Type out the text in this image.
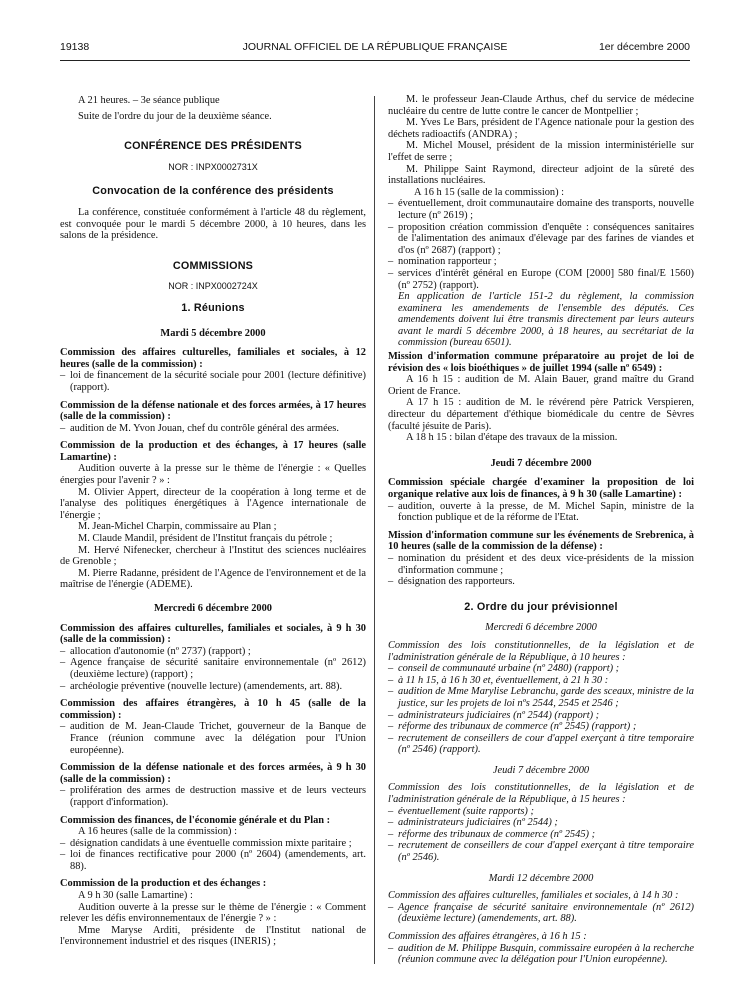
19138	JOURNAL OFFICIEL DE LA RÉPUBLIQUE FRANÇAISE	1er décembre 2000

A 21 heures. – 3e séance publique

Suite de l'ordre du jour de la deuxième séance.

CONFÉRENCE DES PRÉSIDENTS

NOR : INPX0002731X

Convocation de la conférence des présidents

La conférence, constituée conformément à l'article 48 du règlement, est convoquée pour le mardi 5 décembre 2000, à 10 heures, dans les salons de la présidence.

COMMISSIONS

NOR : INPX0002724X

1. Réunions

Mardi 5 décembre 2000

Commission des affaires culturelles, familiales et sociales, à 12 heures (salle de la commission) :

– loi de financement de la sécurité sociale pour 2001 (lecture définitive) (rapport).

Commission de la défense nationale et des forces armées, à 17 heures (salle de la commission) :

– audition de M. Yvon Jouan, chef du contrôle général des armées.

Commission de la production et des échanges, à 17 heures (salle Lamartine) :

Audition ouverte à la presse sur le thème de l'énergie : « Quelles énergies pour l'avenir ? » :

M. Olivier Appert, directeur de la coopération à long terme et de l'analyse des politiques énergétiques à l'Agence internationale de l'énergie ;

M. Jean-Michel Charpin, commissaire au Plan ;

M. Claude Mandil, président de l'Institut français du pétrole ;

M. Hervé Nifenecker, chercheur à l'Institut des sciences nucléaires de Grenoble ;

M. Pierre Radanne, président de l'Agence de l'environnement et de la maîtrise de l'énergie (ADEME).

Mercredi 6 décembre 2000

Commission des affaires culturelles, familiales et sociales, à 9 h 30 (salle de la commission) :

– allocation d'autonomie (nº 2737) (rapport) ;

– Agence française de sécurité sanitaire environnementale (nº 2612) (deuxième lecture) (rapport) ;

– archéologie préventive (nouvelle lecture) (amendements, art. 88).

Commission des affaires étrangères, à 10 h 45 (salle de la commission) :

– audition de M. Jean-Claude Trichet, gouverneur de la Banque de France (réunion commune avec la délégation pour l'Union européenne).

Commission de la défense nationale et des forces armées, à 9 h 30 (salle de la commission) :

– prolifération des armes de destruction massive et de leurs vecteurs (rapport d'information).

Commission des finances, de l'économie générale et du Plan :

A 16 heures (salle de la commission) :

– désignation candidats à une éventuelle commission mixte paritaire ;

– loi de finances rectificative pour 2000 (nº 2604) (amendements, art. 88).

Commission de la production et des échanges :

A 9 h 30 (salle Lamartine) :

Audition ouverte à la presse sur le thème de l'énergie : « Comment relever les défis environnementaux de l'énergie ? » :

Mme Maryse Arditi, présidente de l'Institut national de l'environnement industriel et des risques (INERIS) ;

M. le professeur Jean-Claude Arthus, chef du service de médecine nucléaire du centre de lutte contre le cancer de Montpellier ;

M. Yves Le Bars, président de l'Agence nationale pour la gestion des déchets radioactifs (ANDRA) ;

M. Michel Mousel, président de la mission interministérielle sur l'effet de serre ;

M. Philippe Saint Raymond, directeur adjoint de la sûreté des installations nucléaires.

A 16 h 15 (salle de la commission) :

– éventuellement, droit communautaire domaine des transports, nouvelle lecture (nº 2619) ;

– proposition création commission d'enquête : conséquences sanitaires de l'alimentation des animaux d'élevage par des farines de viandes et d'os (nº 2687) (rapport) ;

– nomination rapporteur ;

– services d'intérêt général en Europe (COM [2000] 580 final/E 1560) (nº 2752) (rapport).

En application de l'article 151-2 du règlement, la commission examinera les amendements de l'ensemble des députés. Ces amendements doivent lui être transmis directement par leurs auteurs avant le mardi 5 décembre 2000, à 18 heures, au secrétariat de la commission (bureau 6501).

Mission d'information commune préparatoire au projet de loi de révision des « lois bioéthiques » de juillet 1994 (salle nº 6549) :

A 16 h 15 : audition de M. Alain Bauer, grand maître du Grand Orient de France.

A 17 h 15 : audition de M. le révérend père Patrick Verspieren, directeur du département d'éthique biomédicale du centre de Sèvres (faculté jésuite de Paris).

A 18 h 15 : bilan d'étape des travaux de la mission.

Jeudi 7 décembre 2000

Commission spéciale chargée d'examiner la proposition de loi organique relative aux lois de finances, à 9 h 30 (salle Lamartine) :

– audition, ouverte à la presse, de M. Michel Sapin, ministre de la fonction publique et de la réforme de l'Etat.

Mission d'information commune sur les événements de Srebrenica, à 10 heures (salle de la commission de la défense) :

– nomination du président et des deux vice-présidents de la mission d'information commune ;

– désignation des rapporteurs.

2. Ordre du jour prévisionnel

Mercredi 6 décembre 2000

Commission des lois constitutionnelles, de la législation et de l'administration générale de la République, à 10 heures :

– conseil de communauté urbaine (nº 2480) (rapport) ;

– à 11 h 15, à 16 h 30 et, éventuellement, à 21 h 30 :

– audition de Mme Marylise Lebranchu, garde des sceaux, ministre de la justice, sur les projets de loi nºs 2544, 2545 et 2546 ;

– administrateurs judiciaires (nº 2544) (rapport) ;

– réforme des tribunaux de commerce (nº 2545) (rapport) ;

– recrutement de conseillers de cour d'appel exerçant à titre temporaire (nº 2546) (rapport).

Jeudi 7 décembre 2000

Commission des lois constitutionnelles, de la législation et de l'administration générale de la République, à 15 heures :

– éventuellement (suite rapports) ;

– administrateurs judiciaires (nº 2544) ;

– réforme des tribunaux de commerce (nº 2545) ;

– recrutement de conseillers de cour d'appel exerçant à titre temporaire (nº 2546).

Mardi 12 décembre 2000

Commission des affaires culturelles, familiales et sociales, à 14 h 30 :

– Agence française de sécurité sanitaire environnementale (nº 2612) (deuxième lecture) (amendements, art. 88).

Commission des affaires étrangères, à 16 h 15 :

– audition de M. Philippe Busquin, commissaire européen à la recherche (réunion commune avec la délégation pour l'Union européenne).
